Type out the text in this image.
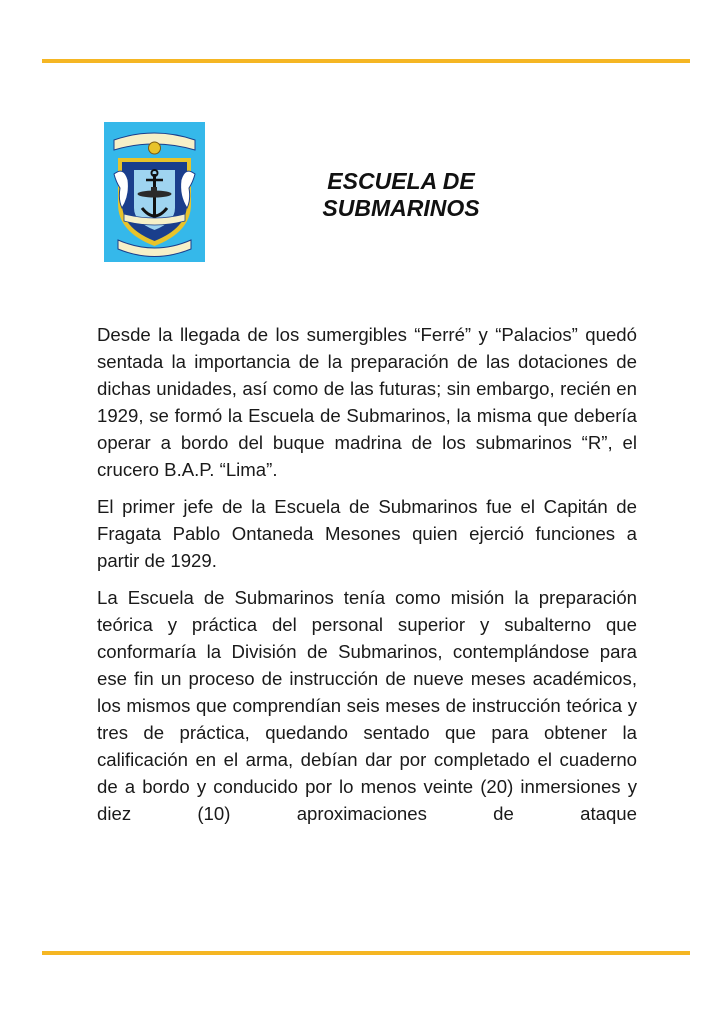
ESCUELA DE
SUBMARINOS

Desde la llegada de los sumergibles “Ferré” y “Palacios” quedó sentada la importancia de la preparación de las dotaciones de dichas unidades, así como de las futuras; sin embargo, recién en 1929, se formó la Escuela de Submarinos, la misma que debería operar a bordo del buque madrina de los submarinos “R”, el crucero B.A.P. “Lima”.

El primer jefe de la Escuela de Submarinos fue el Capitán de Fragata Pablo Ontaneda Mesones quien ejerció funciones a partir de 1929.

La Escuela de Submarinos tenía como misión la preparación teórica y práctica del personal superior y subalterno que conformaría la División de Submarinos, contemplándose para ese fin un proceso de instrucción de nueve meses académicos, los mismos que comprendían seis meses de instrucción teórica y tres de práctica, quedando sentado que para obtener la calificación en el arma, debían dar por completado el cuaderno de a bordo y conducido por lo menos veinte (20) inmersiones y diez (10) aproximaciones de ataque
